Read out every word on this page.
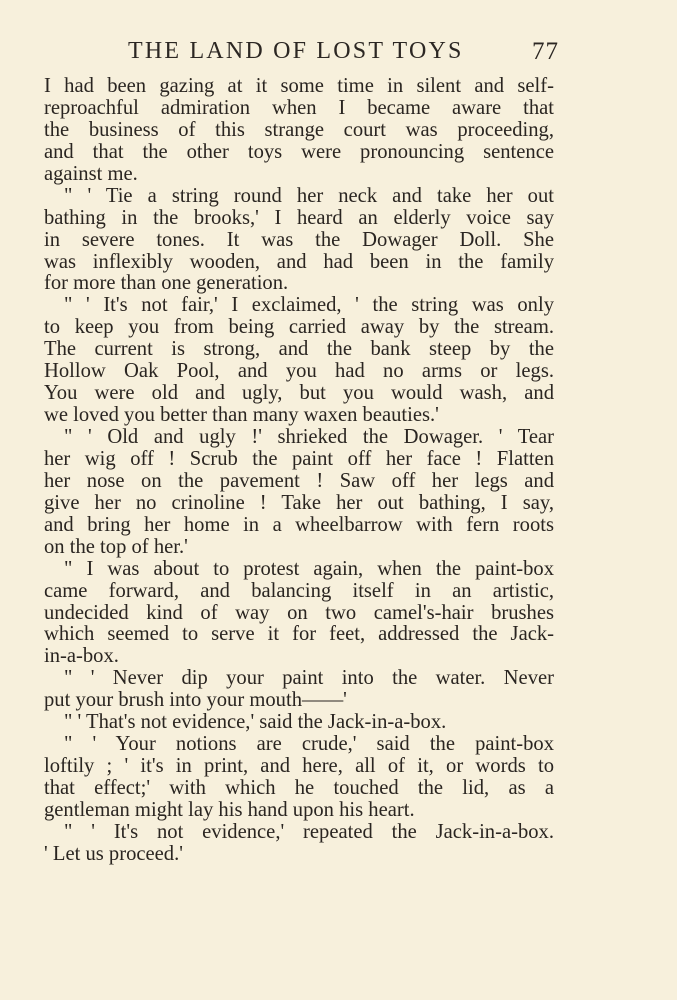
THE LAND OF LOST TOYS	77
I had been gazing at it some time in silent and self-
reproachful admiration when I became aware that
the business of this strange court was proceeding,
and that the other toys were pronouncing sentence
against me.
" ' Tie a string round her neck and take her out
bathing in the brooks,' I heard an elderly voice say
in severe tones. It was the Dowager Doll. She
was inflexibly wooden, and had been in the family
for more than one generation.
" ' It's not fair,' I exclaimed, ' the string was only
to keep you from being carried away by the stream.
The current is strong, and the bank steep by the
Hollow Oak Pool, and you had no arms or legs.
You were old and ugly, but you would wash, and
we loved you better than many waxen beauties.'
" ' Old and ugly !' shrieked the Dowager. ' Tear
her wig off ! Scrub the paint off her face ! Flatten
her nose on the pavement ! Saw off her legs and
give her no crinoline ! Take her out bathing, I say,
and bring her home in a wheelbarrow with fern roots
on the top of her.'
" I was about to protest again, when the paint-box
came forward, and balancing itself in an artistic,
undecided kind of way on two camel's-hair brushes
which seemed to serve it for feet, addressed the Jack-
in-a-box.
" ' Never dip your paint into the water. Never
put your brush into your mouth——'
" ' That's not evidence,' said the Jack-in-a-box.
" ' Your notions are crude,' said the paint-box
loftily ; ' it's in print, and here, all of it, or words to
that effect;' with which he touched the lid, as a
gentleman might lay his hand upon his heart.
" ' It's not evidence,' repeated the Jack-in-a-box.
' Let us proceed.'
